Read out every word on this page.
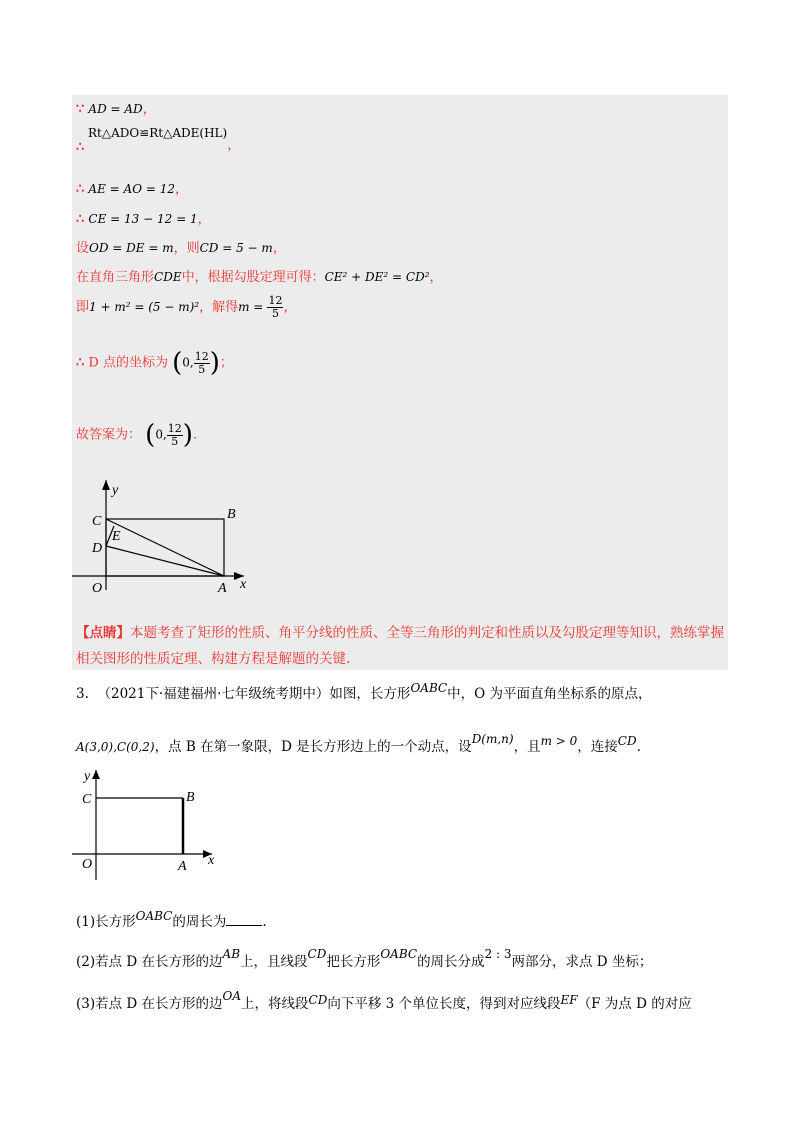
∵ AD = AD，
Rt△ADO≌Rt△ADE(HL)，
∴
∴ AE = AO = 12，
∴ CE = 13 − 12 = 1，
设OD = DE = m，则CD = 5 − m，
在直角三角形CDE中，根据勾股定理可得：CE² + DE² = CD²，
即1 + m² = (5 − m)²，解得$m = \frac{12}{5}$ ，
∴ D 点的坐标为 (0, $\frac{12}{5}$ )；
故答案为： (0, $\frac{12}{5}$ ).
y
C	B
E
D
O	A x
【点睛】本题考查了矩形的性质、角平分线的性质、全等三角形的判定和性质以及勾股定理等知识，熟练掌握相关图形的性质定理、构建方程是解题的关键.
3. （2021下·福建福州·七年级统考期中）如图，长方形OABC中，O 为平面直角坐标系的原点，
A(3,0),C(0,2)，点 B 在第一象限，D 是长方形边上的一个动点，设D(m,n)，且m > 0，连接CD.
y
C	B
O	A x
(1)长方形OABC的周长为	.
(2)若点 D 在长方形的边AB上，且线段CD把长方形OABC的周长分成2 : 3两部分，求点 D 坐标；
(3)若点 D 在长方形的边OA上，将线段CD向下平移 3 个单位长度，得到对应线段EF（F 为点 D 的对应
